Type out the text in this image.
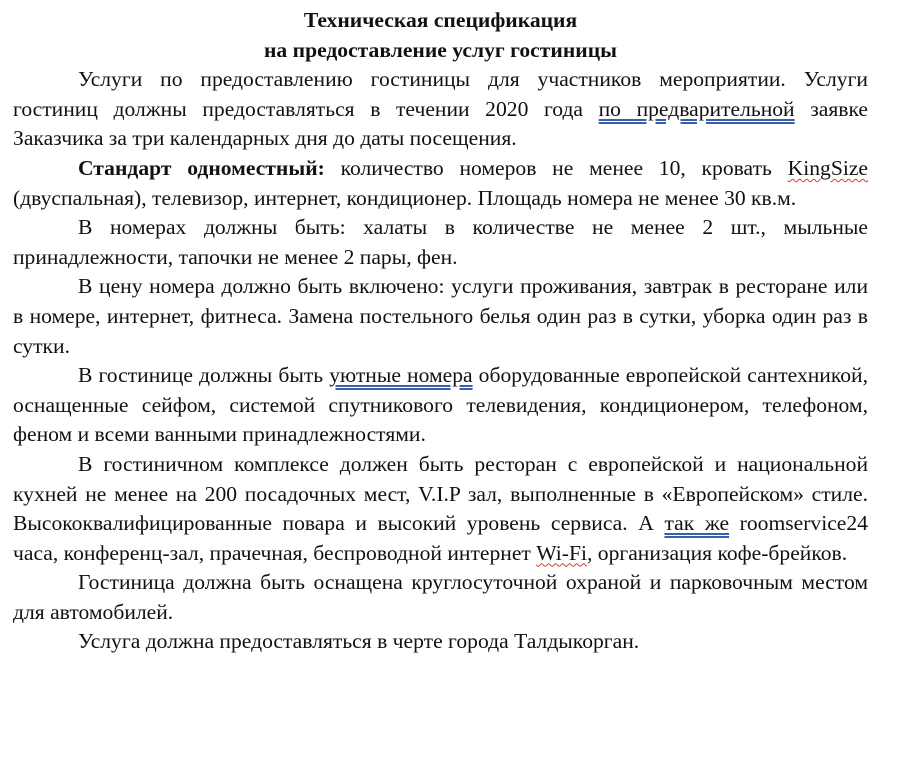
Техническая спецификация

на предоставление услуг гостиницы

Услуги по предоставлению гостиницы для участников мероприятии. Услуги гостиниц должны предоставляться в течении 2020 года по предварительной заявке Заказчика за три календарных дня до даты посещения.

Стандарт одноместный: количество номеров не менее 10, кровать KingSize (двуспальная), телевизор, интернет, кондиционер. Площадь номера не менее 30 кв.м.

В номерах должны быть: халаты в количестве не менее 2 шт., мыльные принадлежности, тапочки не менее 2 пары, фен.

В цену номера должно быть включено: услуги проживания, завтрак в ресторане или в номере, интернет, фитнеса. Замена постельного белья один раз в сутки, уборка один раз в сутки.

В гостинице должны быть уютные номера оборудованные европейской сантехникой, оснащенные сейфом, системой спутникового телевидения, кондиционером, телефоном, феном и всеми ванными принадлежностями.

В гостиничном комплексе должен быть ресторан с европейской и национальной кухней не менее на 200 посадочных мест, V.I.P зал, выполненные в «Европейском» стиле. Высококвалифицированные повара и высокий уровень сервиса. А так же roomservice24 часа, конференц-зал, прачечная, беспроводной интернет Wi-Fi, организация кофе-брейков.

Гостиница должна быть оснащена круглосуточной охраной и парковочным местом для автомобилей.

Услуга должна предоставляться в черте города Талдыкорган.
